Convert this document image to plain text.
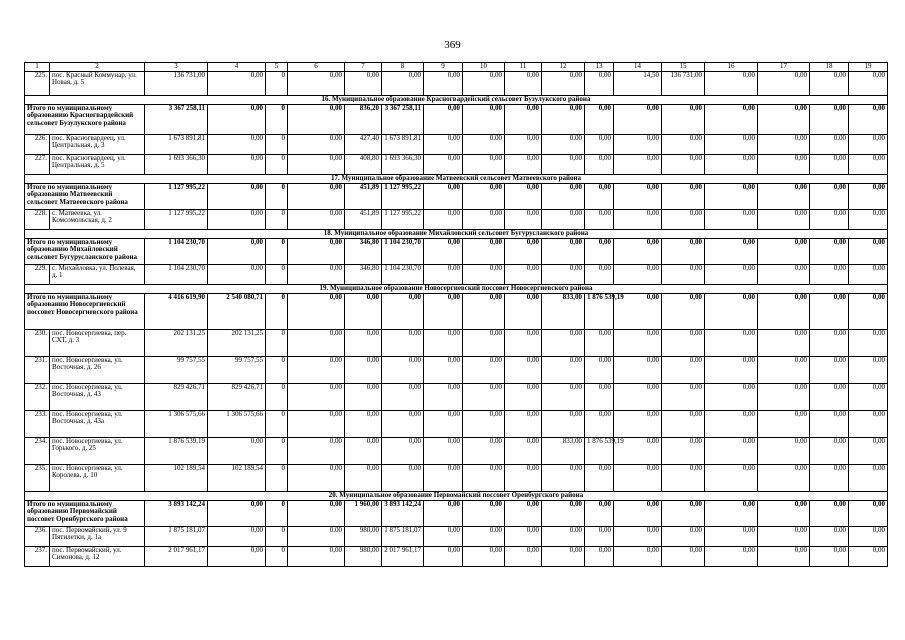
369
1	2	3	4	5	6	7	8	9	10	11	12	13	14	15	16	17	18	19	
225.	пос. Красный Коммунар, ул. Новая, д. 5	136 731,00	0,00	0	0,00	0,00	0,00	0,00	0,00	0,00	0,00	0,00	14,50	136 731,00	0,00	0,00	0,00	0,00	
16. Муниципальное образование Красногвардейский сельсовет Бузулукского района																			
Итого по муниципальному образованию Красногвардейский сельсовет Бузулукского района		3 367 258,11	0,00	0	0,00	836,20	3 367 258,11	0,00	0,00	0,00	0,00	0,00	0,00	0,00	0,00	0,00	0,00	0,00	
226.	пос. Красногвардеец, ул. Центральная, д. 3	1 673 891,81	0,00	0	0,00	427,40	1 673 891,81	0,00	0,00	0,00	0,00	0,00	0,00	0,00	0,00	0,00	0,00	0,00	
227.	пос. Красногвардеец, ул. Центральная, д. 5	1 693 366,30	0,00	0	0,00	408,80	1 693 366,30	0,00	0,00	0,00	0,00	0,00	0,00	0,00	0,00	0,00	0,00	0,00	
17. Муниципальное образование Матвеевский сельсовет Матвеевского района																			
Итого по муниципальному образованию Матвеевский сельсовет Матвеевского района		1 127 995,22	0,00	0	0,00	451,89	1 127 995,22	0,00	0,00	0,00	0,00	0,00	0,00	0,00	0,00	0,00	0,00	0,00	
228.	с. Матвеевка, ул. Комсомольская, д. 2	1 127 995,22	0,00	0	0,00	451,89	1 127 995,22	0,00	0,00	0,00	0,00	0,00	0,00	0,00	0,00	0,00	0,00	0,00	
18. Муниципальное образование Михайловский сельсовет Бугурусланского района																			
Итого по муниципальному образованию Михайловский сельсовет Бугурусланского района		1 104 230,70	0,00	0	0,00	346,80	1 104 230,70	0,00	0,00	0,00	0,00	0,00	0,00	0,00	0,00	0,00	0,00	0,00	
229.	с. Михайловка, ул. Полевая, д. 1	1 104 230,70	0,00	0	0,00	346,80	1 104 230,70	0,00	0,00	0,00	0,00	0,00	0,00	0,00	0,00	0,00	0,00	0,00	
19. Муниципальное образование Новосергиевский поссовет Новосергиевского района																			
Итого по муниципальному образованию Новосергиевский поссовет Новосергиевского района		4 416 619,90	2 540 080,71	0	0,00	0,00	0,00	0,00	0,00	0,00	833,00	1 876 539,19	0,00	0,00	0,00	0,00	0,00	0,00	
230.	пос. Новосергиевка, пер. СХТ, д. 3	202 131,25	202 131,25	0	0,00	0,00	0,00	0,00	0,00	0,00	0,00	0,00	0,00	0,00	0,00	0,00	0,00	0,00	
231.	пос. Новосергиевка, ул. Восточная, д. 26	99 757,55	99 757,55	0	0,00	0,00	0,00	0,00	0,00	0,00	0,00	0,00	0,00	0,00	0,00	0,00	0,00	0,00	
232.	пос. Новосергиевка, ул. Восточная, д. 43	829 426,71	829 426,71	0	0,00	0,00	0,00	0,00	0,00	0,00	0,00	0,00	0,00	0,00	0,00	0,00	0,00	0,00	
233.	пос. Новосергиевка, ул. Восточная, д. 43а	1 306 575,66	1 306 575,66	0	0,00	0,00	0,00	0,00	0,00	0,00	0,00	0,00	0,00	0,00	0,00	0,00	0,00	0,00	
234.	пос. Новосергиевка, ул. Горького, д. 25	1 876 539,19	0,00	0	0,00	0,00	0,00	0,00	0,00	0,00	833,00	1 876 539,19	0,00	0,00	0,00	0,00	0,00	0,00	
235.	пос. Новосергиевка, ул. Королева, д. 10	102 189,54	102 189,54	0	0,00	0,00	0,00	0,00	0,00	0,00	0,00	0,00	0,00	0,00	0,00	0,00	0,00	0,00	
20. Муниципальное образование Первомайский поссовет Оренбургского района																			
Итого по муниципальному образованию Первомайский поссовет Оренбургского района		3 893 142,24	0,00	0	0,00	1 960,00	3 893 142,24	0,00	0,00	0,00	0,00	0,00	0,00	0,00	0,00	0,00	0,00	0,00	
236.	пос. Первомайский, ул. 9 Пятилетки, д. 1а	1 875 181,07	0,00	0	0,00	980,00	1 875 181,07	0,00	0,00	0,00	0,00	0,00	0,00	0,00	0,00	0,00	0,00	0,00	
237.	пос. Первомайский, ул. Симонова, д. 12	2 017 961,17	0,00	0	0,00	980,00	2 017 961,17	0,00	0,00	0,00	0,00	0,00	0,00	0,00	0,00	0,00	0,00	0,00	
